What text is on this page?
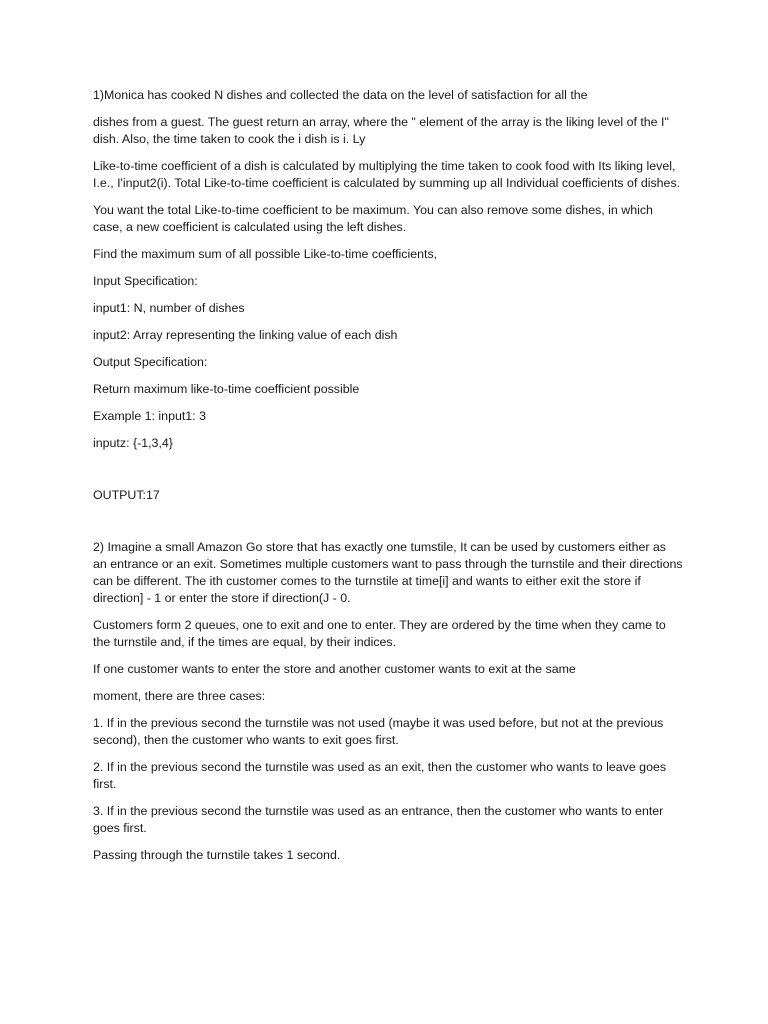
1)Monica has cooked N dishes and collected the data on the level of satisfaction for all the

dishes from a guest. The guest return an array, where the " element of the array is the liking level of the I" dish. Also, the time taken to cook the i dish is i. Ly

Like-to-time coefficient of a dish is calculated by multiplying the time taken to cook food with Its liking level, I.e., I'input2(i). Total Like-to-time coefficient is calculated by summing up all Individual coefficients of dishes.

You want the total Like-to-time coefficient to be maximum. You can also remove some dishes, in which case, a new coefficient is calculated using the left dishes.

Find the maximum sum of all possible Like-to-time coefficients,

Input Specification:

input1: N, number of dishes

input2: Array representing the linking value of each dish

Output Specification:

Return maximum like-to-time coefficient possible

Example 1: input1: 3

inputz: {-1,3,4}

OUTPUT:17

2) Imagine a small Amazon Go store that has exactly one tumstile, It can be used by customers either as an entrance or an exit. Sometimes multiple customers want to pass through the turnstile and their directions can be different. The ith customer comes to the turnstile at time[i] and wants to either exit the store if direction] - 1 or enter the store if direction(J - 0.

Customers form 2 queues, one to exit and one to enter. They are ordered by the time when they came to the turnstile and, if the times are equal, by their indices.

If one customer wants to enter the store and another customer wants to exit at the same

moment, there are three cases:

1. If in the previous second the turnstile was not used (maybe it was used before, but not at the previous second), then the customer who wants to exit goes first.

2. If in the previous second the turnstile was used as an exit, then the customer who wants to leave goes first.

3. If in the previous second the turnstile was used as an entrance, then the customer who wants to enter goes first.

Passing through the turnstile takes 1 second.
